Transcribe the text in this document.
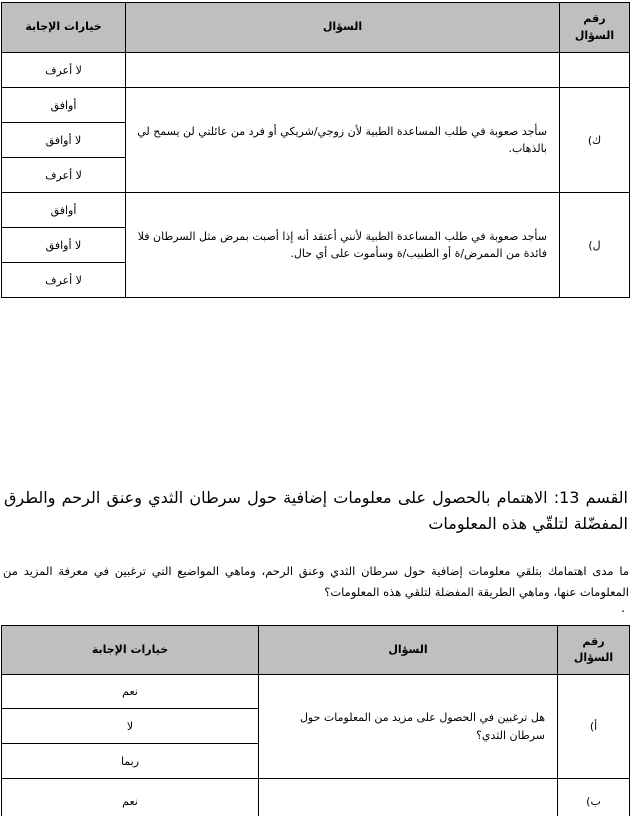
رقم السؤال	السؤال	خيارات الإجابة
		لا أعرف
ك)	سأجد صعوبة في طلب المساعدة الطبية لأن زوجي/شريكي أو فرد من عائلتي لن يسمح لي بالذهاب.	أوافق
		لا أوافق
		لا أعرف
ل)	سأجد صعوبة في طلب المساعدة الطبية لأنني أعتقد أنه إذا أصبت بمرض مثل السرطان فلا فائدة من الممرض/ة أو الطبيب/ة وسأموت على أي حال.	أوافق
		لا أوافق
		لا أعرف
القسم 13: الاهتمام بالحصول على معلومات إضافية حول سرطان الثدي وعنق الرحم والطرق المفضّلة لتلقّي هذه المعلومات
ما مدى اهتمامك بتلقي معلومات إضافية حول سرطان الثدي وعنق الرحم، وماهي المواضيع التي ترغبين في معرفة المزيد من المعلومات عنها، وماهي الطريقة المفضلة لتلقي هذه المعلومات؟
.
رقم السؤال	السؤال	خيارات الإجابة
أ)	هل ترغبين في الحصول على مزيد من المعلومات حول سرطان الثدي؟	نعم
		لا
		ربما
ب)		نعم
